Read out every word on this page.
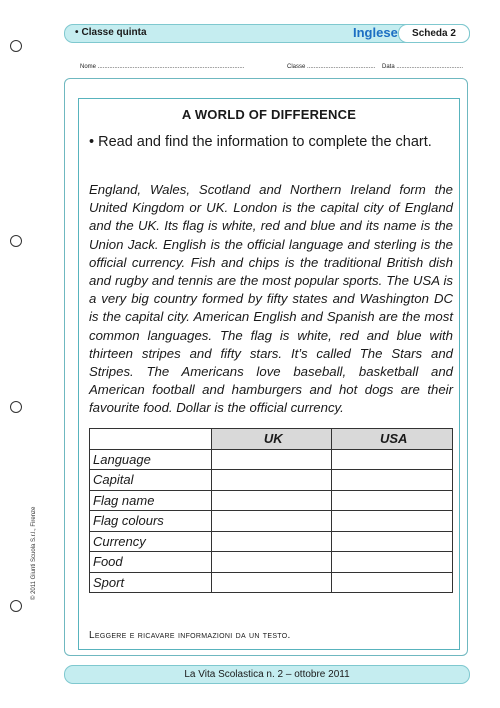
• Classe quinta	Inglese	Scheda 2
Nome ........................................................................................	Classe ......................................... Data ........................................
A WORLD OF DIFFERENCE
• Read and find the information to complete the chart.
England, Wales, Scotland and Northern Ireland form the United Kingdom or UK. London is the capital city of England and the UK. Its flag is white, red and blue and its name is the Union Jack. English is the official language and sterling is the official currency. Fish and chips is the traditional British dish and rugby and tennis are the most popular sports. The USA is a very big country formed by fifty states and Washington DC is the capital city. American English and Spanish are the most common languages. The flag is white, red and blue with thirteen stripes and fifty stars. It’s called The Stars and Stripes. The Americans love baseball, basketball and American football and hamburgers and hot dogs are their favourite food. Dollar is the official currency.
	UK	USA
Language		
Capital		
Flag name		
Flag colours		
Currency		
Food		
Sport		
Leggere e ricavare informazioni da un testo.
© 2011 Giunti Scuola S.r.l., Firenze
La Vita Scolastica n. 2 – ottobre 2011
